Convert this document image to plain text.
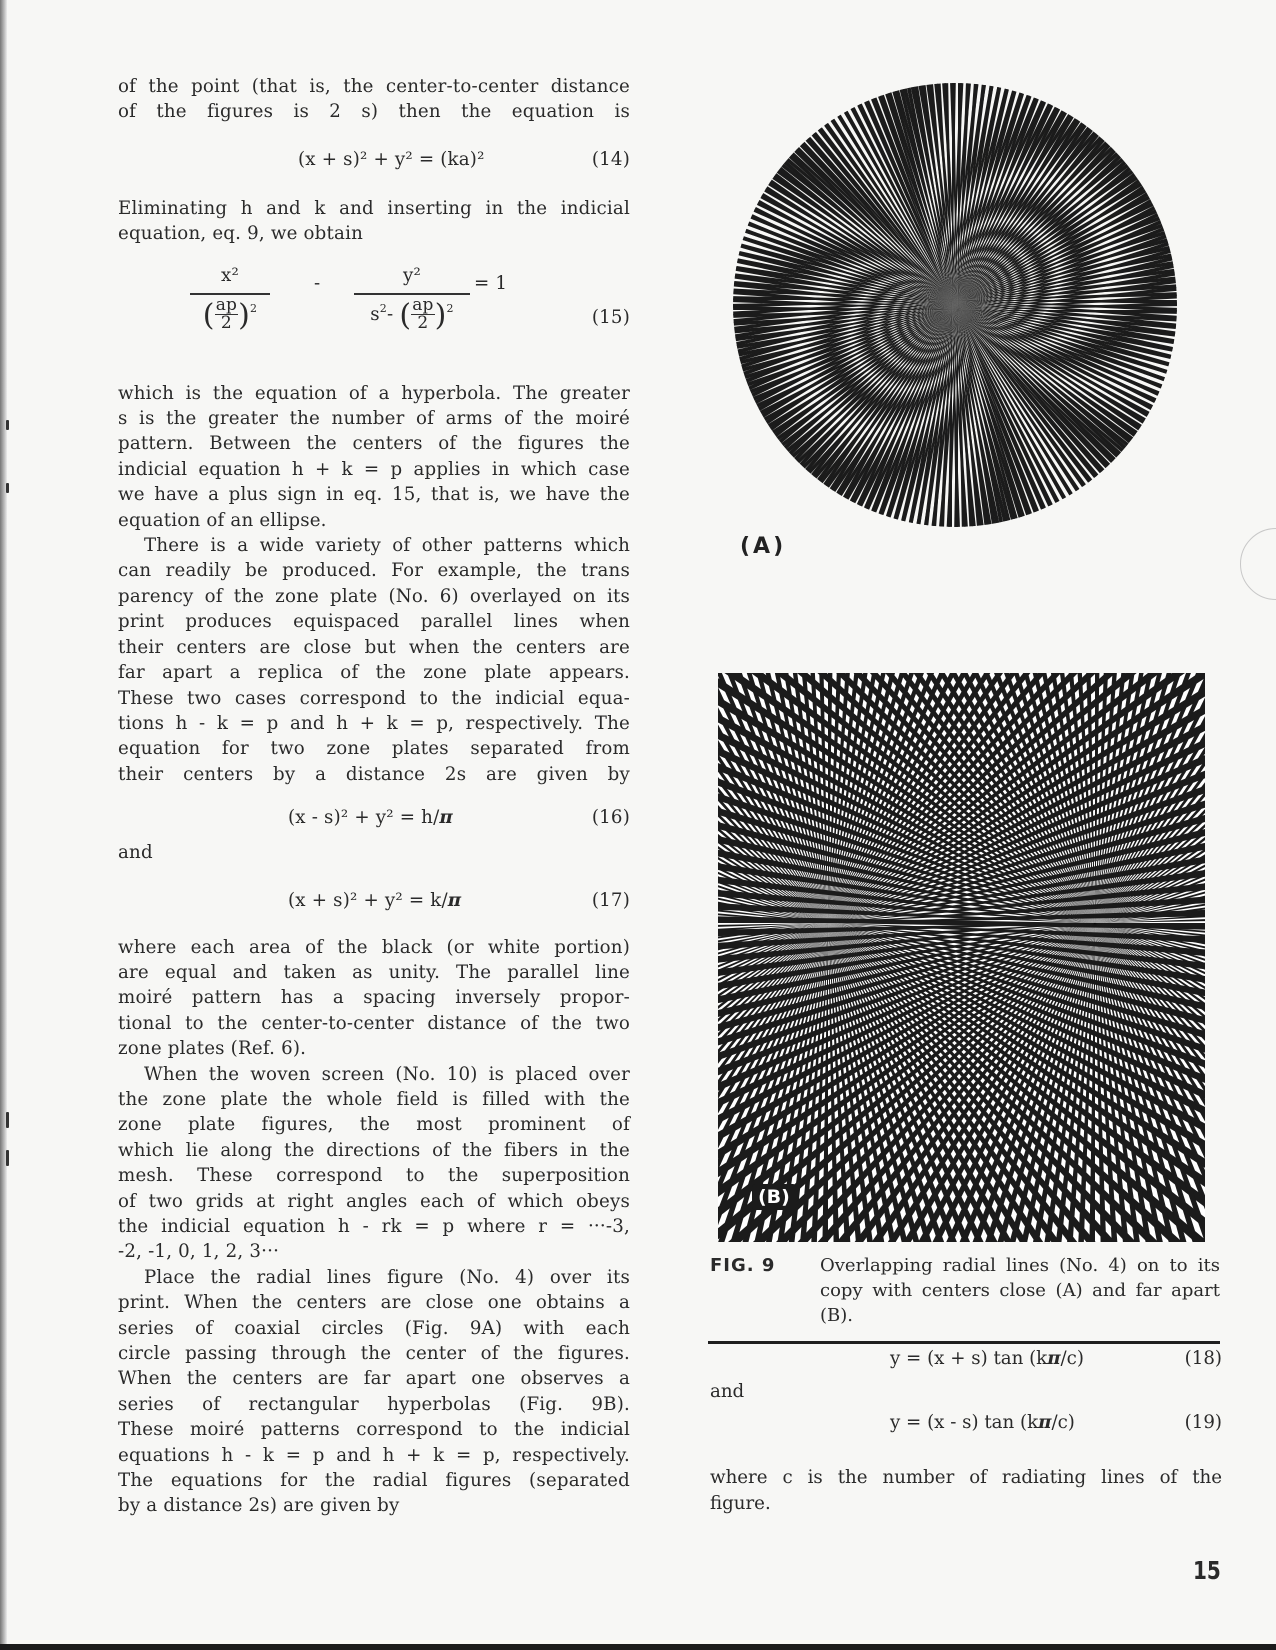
of the point (that is, the center-to-center distance
of the figures is 2 s) then the equation is
(x + s)² + y² = (ka)²	(14)
Eliminating h and k and inserting in the indicial
equation, eq. 9, we obtain
x²
( $\frac{ap}{2} )^2$
-	y²
$s^2-$ ( $\frac{ap}{2} )^2$
= 1
(15)
which is the equation of a hyperbola. The greater
s is the greater the number of arms of the moiré
pattern. Between the centers of the figures the
indicial equation h + k = p applies in which case
we have a plus sign in eq. 15, that is, we have the
equation of an ellipse.
There is a wide variety of other patterns which
can readily be produced. For example, the trans
parency of the zone plate (No. 6) overlayed on its
print produces equispaced parallel lines when
their centers are close but when the centers are
far apart a replica of the zone plate appears.
These two cases correspond to the indicial equa-
tions h - k = p and h + k = p, respectively. The
equation for two zone plates separated from
their centers by a distance 2s are given by
(x - s)² + y² = h/π	(16)
and
(x + s)² + y² = k/π	(17)
where each area of the black (or white portion)
are equal and taken as unity. The parallel line
moiré pattern has a spacing inversely propor-
tional to the center-to-center distance of the two
zone plates (Ref. 6).
When the woven screen (No. 10) is placed over
the zone plate the whole field is filled with the
zone plate figures, the most prominent of
which lie along the directions of the fibers in the
mesh. These correspond to the superposition
of two grids at right angles each of which obeys
the indicial equation h - rk = p where r = ···-3,
-2, -1, 0, 1, 2, 3···
Place the radial lines figure (No. 4) over its
print. When the centers are close one obtains a
series of coaxial circles (Fig. 9A) with each
circle passing through the center of the figures.
When the centers are far apart one observes a
series of rectangular hyperbolas (Fig. 9B).
These moiré patterns correspond to the indicial
equations h - k = p and h + k = p, respectively.
The equations for the radial figures (separated
by a distance 2s) are given by
(A)
(B)
FIG. 9 Overlapping radial lines (No. 4) on to its copy with centers close (A) and far apart (B).
y = (x + s) tan (kπ/c)	(18)
and
y = (x - s) tan (kπ/c)	(19)
where c is the number of radiating lines of the
figure.
15
